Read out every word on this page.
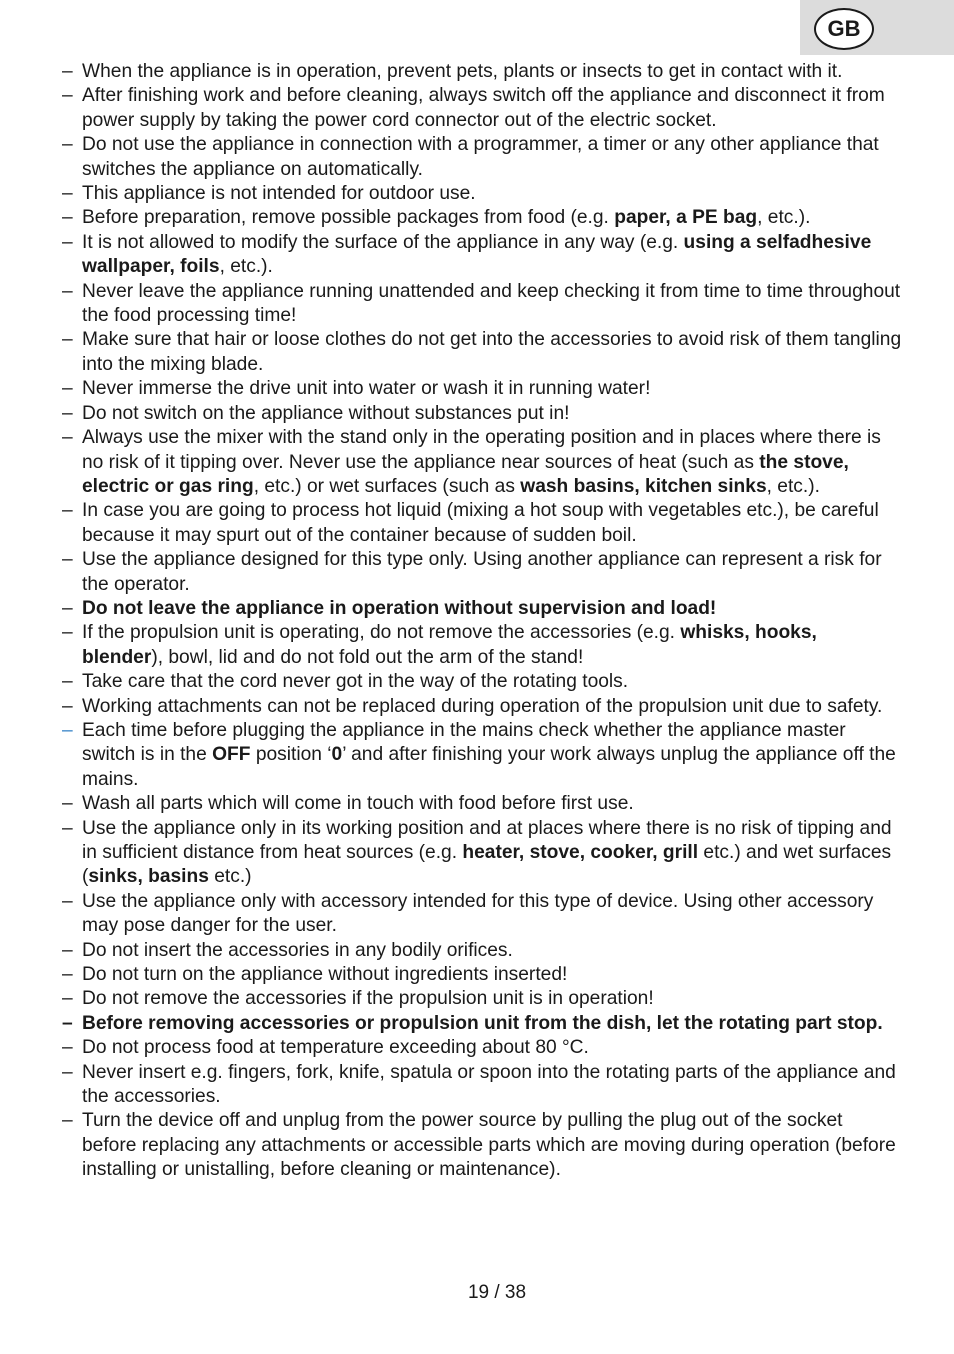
GB
– When the appliance is in operation, prevent pets, plants or insects to get in contact with it.
– After finishing work and before cleaning, always switch off the appliance and disconnect it from power supply by taking the power cord connector out of the electric socket.
– Do not use the appliance in connection with a programmer, a timer or any other appliance that switches the appliance on automatically.
– This appliance is not intended for outdoor use.
– Before preparation, remove possible packages from food (e.g. paper, a PE bag, etc.).
– It is not allowed to modify the surface of the appliance in any way (e.g. using a selfadhesive wallpaper, foils, etc.).
– Never leave the appliance running unattended and keep checking it from time to time throughout the food processing time!
– Make sure that hair or loose clothes do not get into the accessories to avoid risk of them tangling into the mixing blade.
– Never immerse the drive unit into water or wash it in running water!
– Do not switch on the appliance without substances put in!
– Always use the mixer with the stand only in the operating position and in places where there is no risk of it tipping over. Never use the appliance near sources of heat (such as the stove, electric or gas ring, etc.) or wet surfaces (such as wash basins, kitchen sinks, etc.).
– In case you are going to process hot liquid (mixing a hot soup with vegetables etc.), be careful because it may spurt out of the container because of sudden boil.
– Use the appliance designed for this type only. Using another appliance can represent a risk for the operator.
– Do not leave the appliance in operation without supervision and load!
– If the propulsion unit is operating, do not remove the accessories (e.g. whisks, hooks, blender), bowl, lid and do not fold out the arm of the stand!
– Take care that the cord never got in the way of the rotating tools.
– Working attachments can not be replaced during operation of the propulsion unit due to safety.
– Each time before plugging the appliance in the mains check whether the appliance master switch is in the OFF position ‘0’ and after finishing your work always unplug the appliance off the mains.
– Wash all parts which will come in touch with food before first use.
– Use the appliance only in its working position and at places where there is no risk of tipping and in sufficient distance from heat sources (e.g. heater, stove, cooker, grill etc.) and wet surfaces (sinks, basins etc.)
– Use the appliance only with accessory intended for this type of device. Using other accessory may pose danger for the user.
– Do not insert the accessories in any bodily orifices.
– Do not turn on the appliance without ingredients inserted!
– Do not remove the accessories if the propulsion unit is in operation!
– Before removing accessories or propulsion unit from the dish, let the rotating part stop.
– Do not process food at temperature exceeding about 80 °C.
– Never insert e.g. fingers, fork, knife, spatula or spoon into the rotating parts of the appliance and the accessories.
– Turn the device off and unplug from the power source by pulling the plug out of the socket before replacing any attachments or accessible parts which are moving during operation (before installing or unistalling, before cleaning or maintenance).
19 / 38
